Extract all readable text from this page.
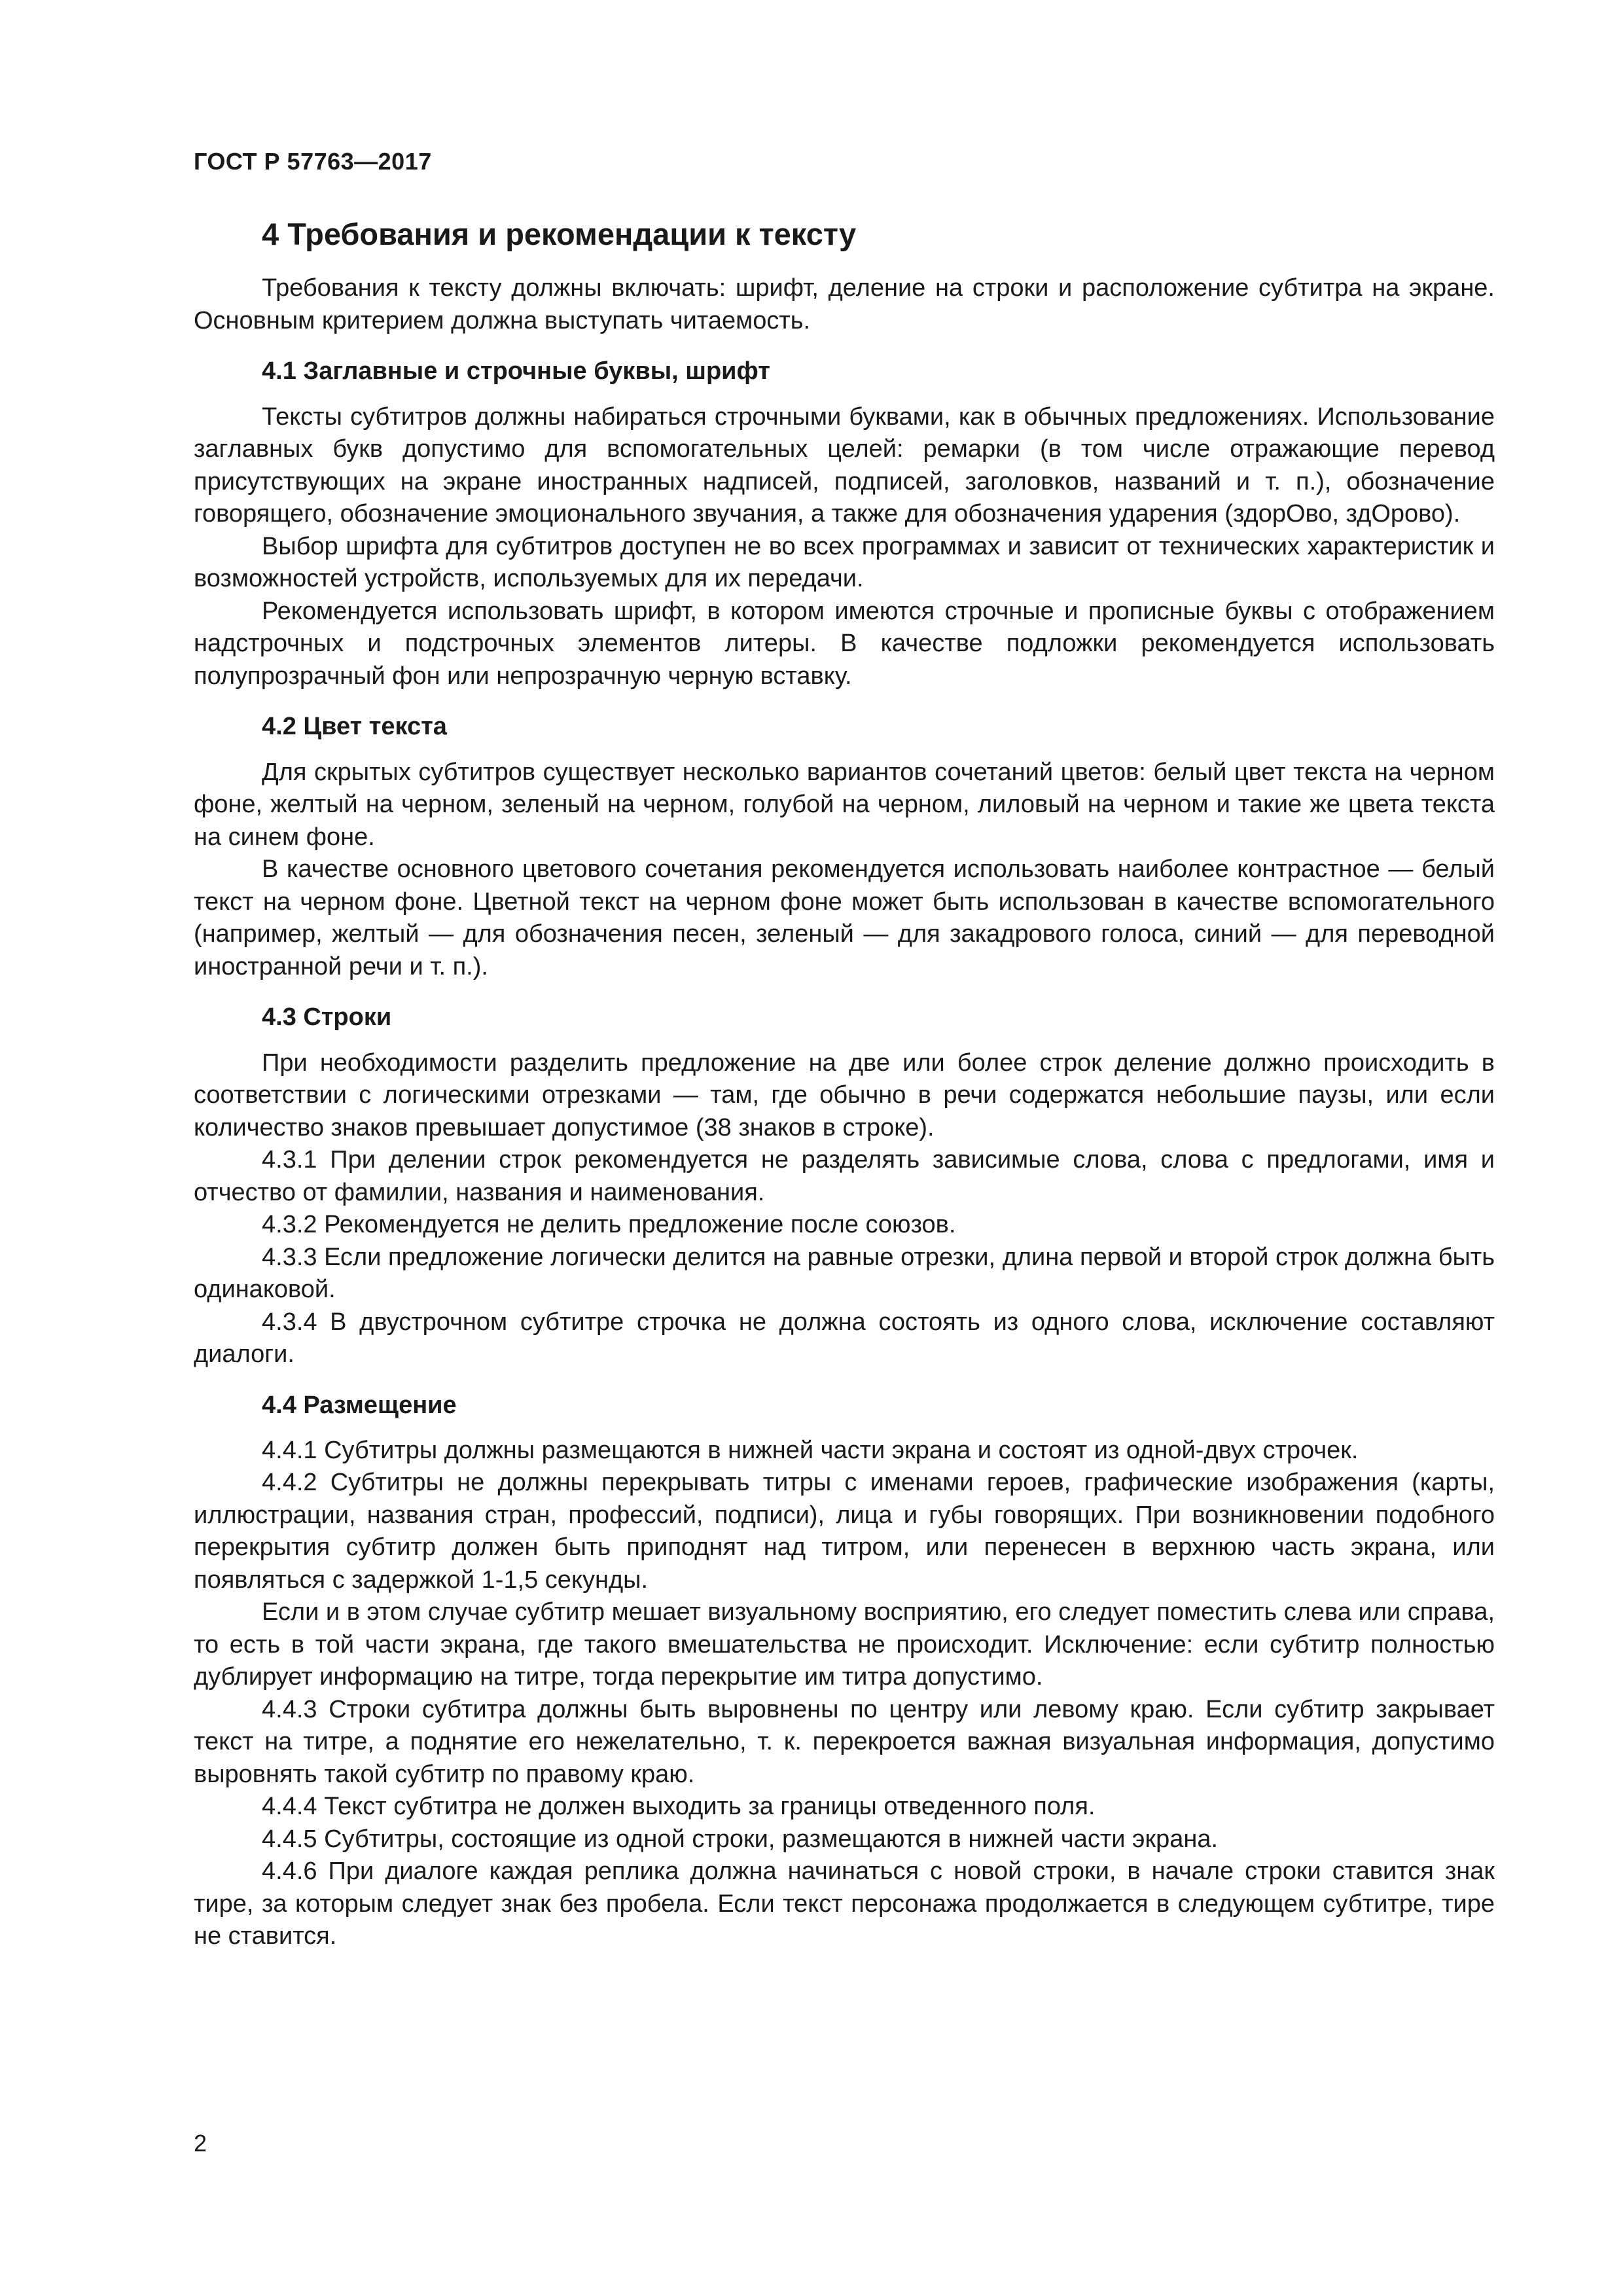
ГОСТ Р 57763—2017
4 Требования и рекомендации к тексту

Требования к тексту должны включать: шрифт, деление на строки и расположение субтитра на экране. Основным критерием должна выступать читаемость.

4.1 Заглавные и строчные буквы, шрифт

Тексты субтитров должны набираться строчными буквами, как в обычных предложениях. Использование заглавных букв допустимо для вспомогательных целей: ремарки (в том числе отражающие перевод присутствующих на экране иностранных надписей, подписей, заголовков, названий и т. п.), обозначение говорящего, обозначение эмоционального звучания, а также для обозначения ударения (здорОво, здОрово).

Выбор шрифта для субтитров доступен не во всех программах и зависит от технических характеристик и возможностей устройств, используемых для их передачи.

Рекомендуется использовать шрифт, в котором имеются строчные и прописные буквы с отображением надстрочных и подстрочных элементов литеры. В качестве подложки рекомендуется использовать полупрозрачный фон или непрозрачную черную вставку.

4.2 Цвет текста

Для скрытых субтитров существует несколько вариантов сочетаний цветов: белый цвет текста на черном фоне, желтый на черном, зеленый на черном, голубой на черном, лиловый на черном и такие же цвета текста на синем фоне.

В качестве основного цветового сочетания рекомендуется использовать наиболее контрастное — белый текст на черном фоне. Цветной текст на черном фоне может быть использован в качестве вспомогательного (например, желтый — для обозначения песен, зеленый — для закадрового голоса, синий — для переводной иностранной речи и т. п.).

4.3 Строки

При необходимости разделить предложение на две или более строк деление должно происходить в соответствии с логическими отрезками — там, где обычно в речи содержатся небольшие паузы, или если количество знаков превышает допустимое (38 знаков в строке).

4.3.1 При делении строк рекомендуется не разделять зависимые слова, слова с предлогами, имя и отчество от фамилии, названия и наименования.

4.3.2 Рекомендуется не делить предложение после союзов.

4.3.3 Если предложение логически делится на равные отрезки, длина первой и второй строк должна быть одинаковой.

4.3.4 В двустрочном субтитре строчка не должна состоять из одного слова, исключение составляют диалоги.

4.4 Размещение

4.4.1 Субтитры должны размещаются в нижней части экрана и состоят из одной-двух строчек.

4.4.2 Субтитры не должны перекрывать титры с именами героев, графические изображения (карты, иллюстрации, названия стран, профессий, подписи), лица и губы говорящих. При возникновении подобного перекрытия субтитр должен быть приподнят над титром, или перенесен в верхнюю часть экрана, или появляться с задержкой 1-1,5 секунды.

Если и в этом случае субтитр мешает визуальному восприятию, его следует поместить слева или справа, то есть в той части экрана, где такого вмешательства не происходит. Исключение: если субтитр полностью дублирует информацию на титре, тогда перекрытие им титра допустимо.

4.4.3 Строки субтитра должны быть выровнены по центру или левому краю. Если субтитр закрывает текст на титре, а поднятие его нежелательно, т. к. перекроется важная визуальная информация, допустимо выровнять такой субтитр по правому краю.

4.4.4 Текст субтитра не должен выходить за границы отведенного поля.

4.4.5 Субтитры, состоящие из одной строки, размещаются в нижней части экрана.

4.4.6 При диалоге каждая реплика должна начинаться с новой строки, в начале строки ставится знак тире, за которым следует знак без пробела. Если текст персонажа продолжается в следующем субтитре, тире не ставится.

2
